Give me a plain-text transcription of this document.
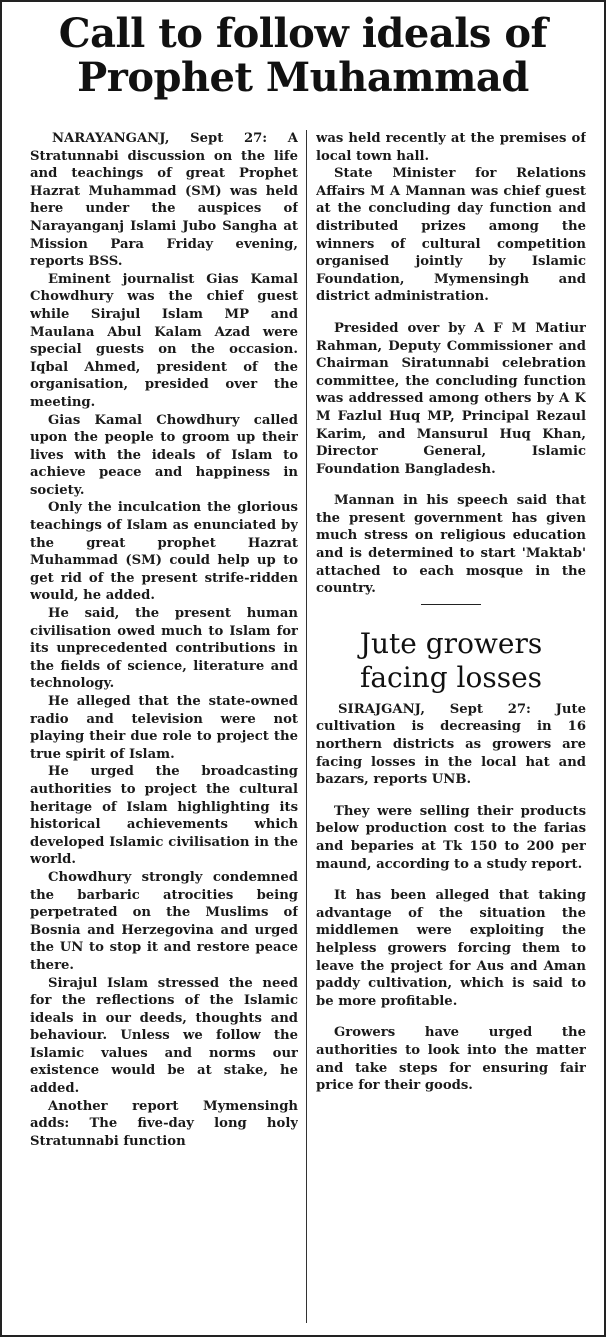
Call to follow ideals of Prophet Muhammad

NARAYANGANJ, Sept 27: A Stratunnabi discussion on the life and teachings of great Prophet Hazrat Muhammad (SM) was held here under the auspices of Narayanganj Islami Jubo Sangha at Mission Para Friday evening, reports BSS.

Eminent journalist Gias Kamal Chowdhury was the chief guest while Sirajul Islam MP and Maulana Abul Kalam Azad were special guests on the occasion. Iqbal Ahmed, president of the organisation, presided over the meeting.

Gias Kamal Chowdhury called upon the people to groom up their lives with the ideals of Islam to achieve peace and happiness in society.

Only the inculcation the glorious teachings of Islam as enunciated by the great prophet Hazrat Muhammad (SM) could help up to get rid of the present strife-ridden would, he added.

He said, the present human civilisation owed much to Islam for its unprecedented contributions in the fields of science, literature and technology.

He alleged that the state-owned radio and television were not playing their due role to project the true spirit of Islam.

He urged the broadcasting authorities to project the cultural heritage of Islam highlighting its historical achievements which developed Islamic civilisation in the world.

Chowdhury strongly condemned the barbaric atrocities being perpetrated on the Muslims of Bosnia and Herzegovina and urged the UN to stop it and restore peace there.

Sirajul Islam stressed the need for the reflections of the Islamic ideals in our deeds, thoughts and behaviour. Unless we follow the Islamic values and norms our existence would be at stake, he added.

Another report Mymensingh adds: The five-day long holy Stratunnabi function

was held recently at the premises of local town hall.

State Minister for Relations Affairs M A Mannan was chief guest at the concluding day function and distributed prizes among the winners of cultural competition organised jointly by Islamic Foundation, Mymensingh and district administration.

Presided over by A F M Matiur Rahman, Deputy Commissioner and Chairman Siratunnabi celebration committee, the concluding function was addressed among others by A K M Fazlul Huq MP, Principal Rezaul Karim, and Mansurul Huq Khan, Director General, Islamic Foundation Bangladesh.

Mannan in his speech said that the present government has given much stress on religious education and is determined to start 'Maktab' attached to each mosque in the country.

Jute growers facing losses

SIRAJGANJ, Sept 27: Jute cultivation is decreasing in 16 northern districts as growers are facing losses in the local hat and bazars, reports UNB.

They were selling their products below production cost to the farias and beparies at Tk 150 to 200 per maund, according to a study report.

It has been alleged that taking advantage of the situation the middlemen were exploiting the helpless growers forcing them to leave the project for Aus and Aman paddy cultivation, which is said to be more profitable.

Growers have urged the authorities to look into the matter and take steps for ensuring fair price for their goods.
